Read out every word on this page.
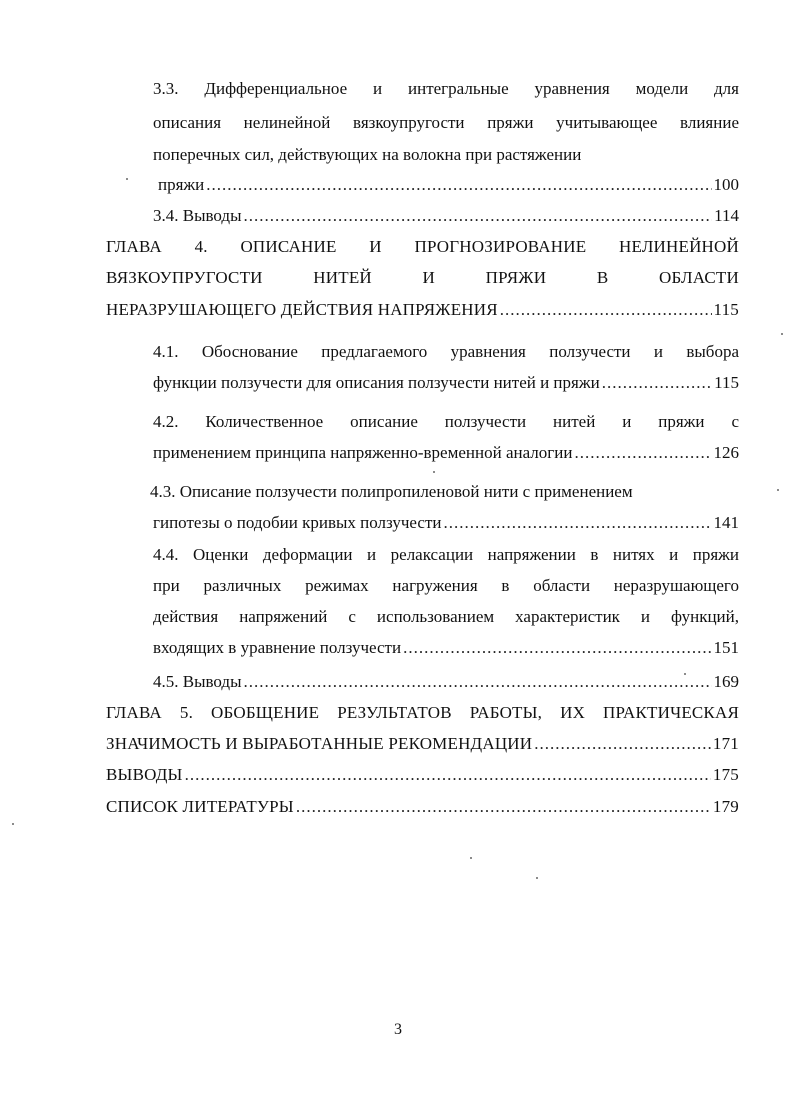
3.3. Дифференциальное и интегральные уравнения модели для
описания нелинейной вязкоупругости пряжи учитывающее влияние
поперечных сил, действующих на волокна при растяжении
пряжи .....	100
3.4. Выводы .....	114
ГЛАВА 4. ОПИСАНИЕ И ПРОГНОЗИРОВАНИЕ НЕЛИНЕЙНОЙ
ВЯЗКОУПРУГОСТИ НИТЕЙ И ПРЯЖИ В ОБЛАСТИ
НЕРАЗРУШАЮЩЕГО ДЕЙСТВИЯ НАПРЯЖЕНИЯ .....	115
4.1. Обоснование предлагаемого уравнения ползучести и выбора
функции ползучести для описания ползучести нитей и пряжи .....	115
4.2. Количественное описание ползучести нитей и пряжи с
применением принципа напряженно-временной аналогии .....	126
4.3. Описание ползучести полипропиленовой нити с применением
гипотезы о подобии кривых ползучести .....	141
4.4. Оценки деформации и релаксации напряжении в нитях и пряжи
при различных режимах нагружения в области неразрушающего
действия напряжений с использованием характеристик и функций,
входящих в уравнение ползучести .....	151
4.5. Выводы .....	169
ГЛАВА 5. ОБОБЩЕНИЕ РЕЗУЛЬТАТОВ РАБОТЫ, ИХ ПРАКТИЧЕСКАЯ
ЗНАЧИМОСТЬ И ВЫРАБОТАННЫЕ РЕКОМЕНДАЦИИ .....	171
ВЫВОДЫ .....	175
СПИСОК ЛИТЕРАТУРЫ .....	179
3
